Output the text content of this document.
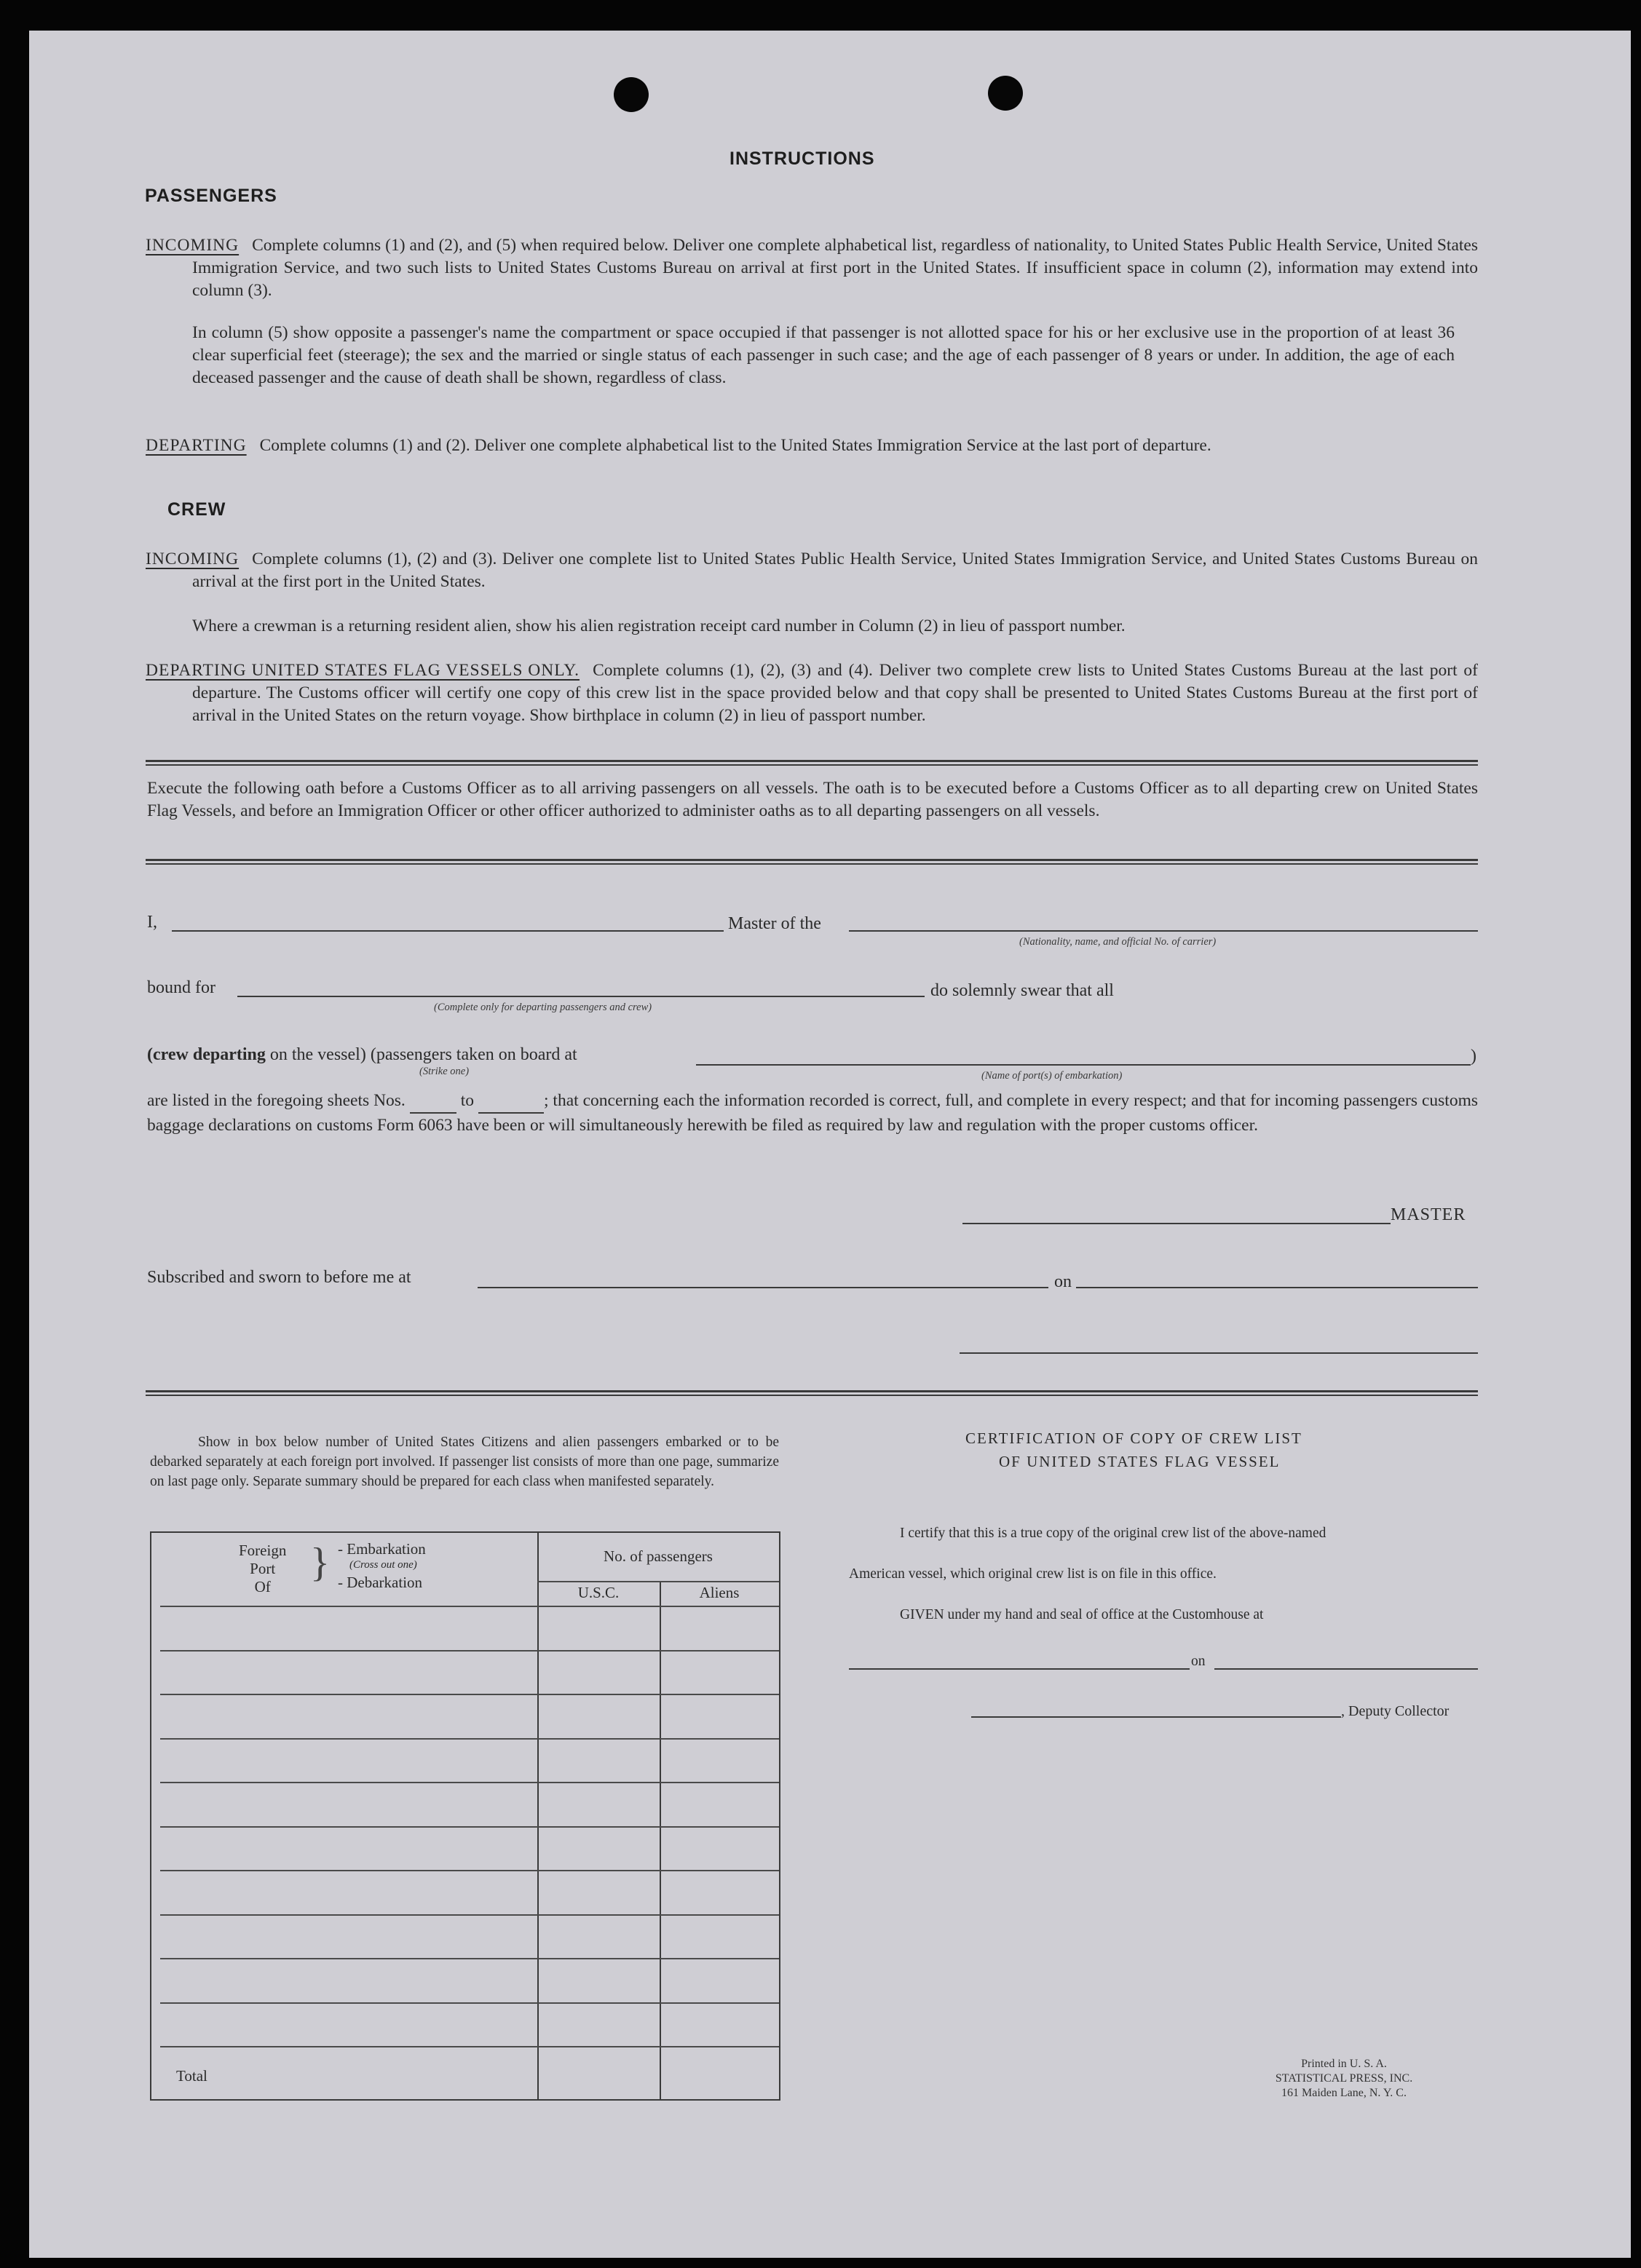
INSTRUCTIONS
PASSENGERS
INCOMING Complete columns (1) and (2), and (5) when required below. Deliver one complete alphabetical list, regardless of nationality, to United States Public Health Service, United States Immigration Service, and two such lists to United States Customs Bureau on arrival at first port in the United States. If insufficient space in column (2), information may extend into column (3).
In column (5) show opposite a passenger's name the compartment or space occupied if that passenger is not allotted space for his or her exclusive use in the proportion of at least 36 clear superficial feet (steerage); the sex and the married or single status of each passenger in such case; and the age of each passenger of 8 years or under. In addition, the age of each deceased passenger and the cause of death shall be shown, regardless of class.
DEPARTING Complete columns (1) and (2). Deliver one complete alphabetical list to the United States Immigration Service at the last port of departure.
CREW
INCOMING Complete columns (1), (2) and (3). Deliver one complete list to United States Public Health Service, United States Immigration Service, and United States Customs Bureau on arrival at the first port in the United States.
Where a crewman is a returning resident alien, show his alien registration receipt card number in Column (2) in lieu of passport number.
DEPARTING UNITED STATES FLAG VESSELS ONLY. Complete columns (1), (2), (3) and (4). Deliver two complete crew lists to United States Customs Bureau at the last port of departure. The Customs officer will certify one copy of this crew list in the space provided below and that copy shall be presented to United States Customs Bureau at the first port of arrival in the United States on the return voyage. Show birthplace in column (2) in lieu of passport number.
Execute the following oath before a Customs Officer as to all arriving passengers on all vessels. The oath is to be executed before a Customs Officer as to all departing crew on United States Flag Vessels, and before an Immigration Officer or other officer authorized to administer oaths as to all departing passengers on all vessels.
I,	Master of the
(Nationality, name, and official No. of carrier)
bound for
(Complete only for departing passengers and crew)
do solemnly swear that all
(crew departing on the vessel) (passengers taken on board at
(Strike one)
)
(Name of port(s) of embarkation)
are listed in the foregoing sheets Nos.	to	; that concerning each the information recorded is correct, full, and complete in every respect; and that for incoming passengers customs baggage declarations on customs Form 6063 have been or will simultaneously herewith be filed as required by law and regulation with the proper customs officer.
MASTER
Subscribed and sworn to before me at	on
Show in box below number of United States Citizens and alien passengers embarked or to be debarked separately at each foreign port involved. If passenger list consists of more than one page, summarize on last page only. Separate summary should be prepared for each class when manifested separately.
Foreign
Port
Of
} - Embarkation
(Cross out one)
- Debarkation
No. of passengers
U.S.C.	Aliens
Total
CERTIFICATION OF COPY OF CREW LIST
OF UNITED STATES FLAG VESSEL
I certify that this is a true copy of the original crew list of the above-named
American vessel, which original crew list is on file in this office.
GIVEN under my hand and seal of office at the Customhouse at
on
, Deputy Collector
Printed in U. S. A.
STATISTICAL PRESS, INC.
161 Maiden Lane, N. Y. C.
